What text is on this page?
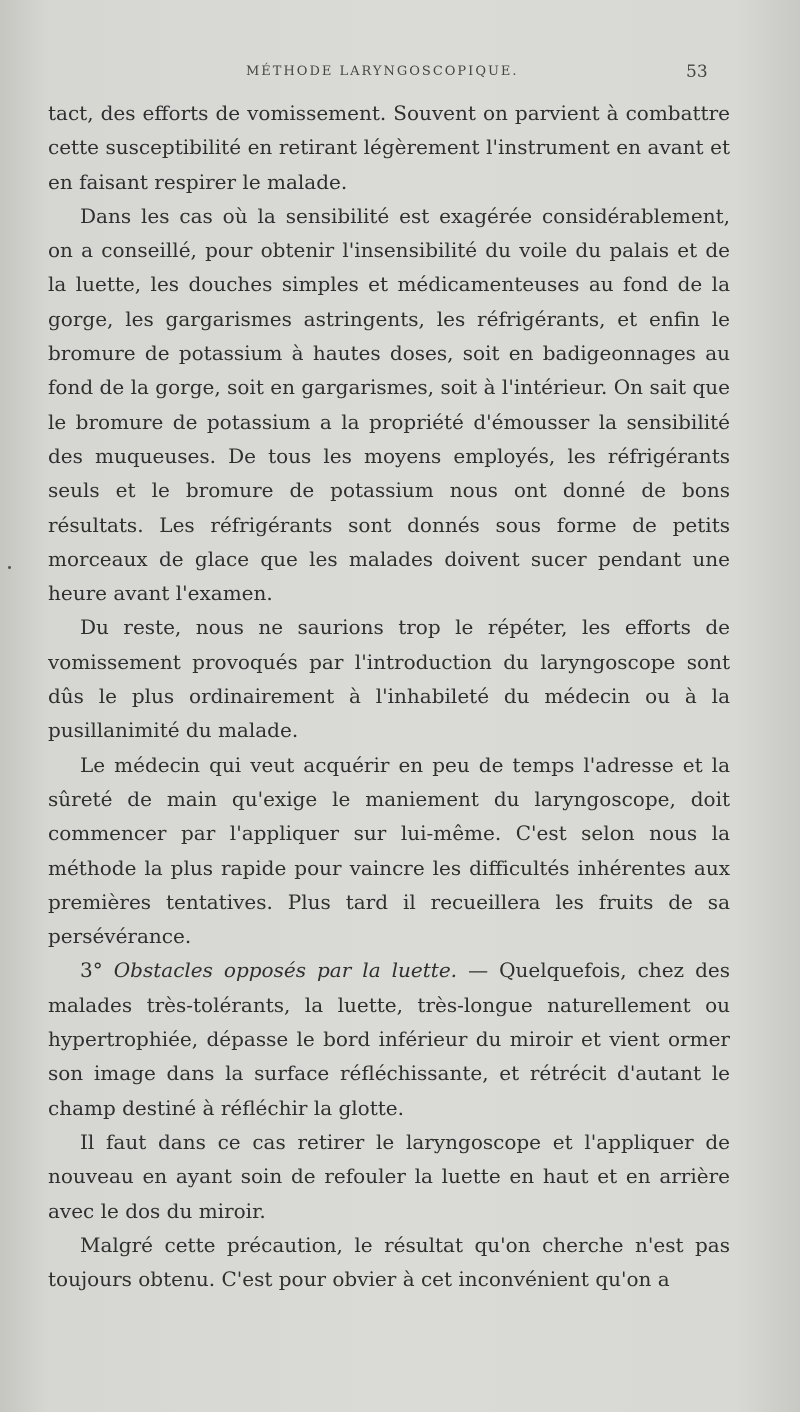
MÉTHODE LARYNGOSCOPIQUE.	53

tact, des efforts de vomissement. Souvent on parvient à combattre cette susceptibilité en retirant légèrement l'instrument en avant et en faisant respirer le malade.

Dans les cas où la sensibilité est exagérée considérablement, on a conseillé, pour obtenir l'insensibilité du voile du palais et de la luette, les douches simples et médicamenteuses au fond de la gorge, les gargarismes astringents, les réfrigérants, et enfin le bromure de potassium à hautes doses, soit en badigeonnages au fond de la gorge, soit en gargarismes, soit à l'intérieur. On sait que le bromure de potassium a la propriété d'émousser la sensibilité des muqueuses. De tous les moyens employés, les réfrigérants seuls et le bromure de potassium nous ont donné de bons résultats. Les réfrigérants sont donnés sous forme de petits morceaux de glace que les malades doivent sucer pendant une heure avant l'examen.

Du reste, nous ne saurions trop le répéter, les efforts de vomissement provoqués par l'introduction du laryngoscope sont dûs le plus ordinairement à l'inhabileté du médecin ou à la pusillanimité du malade.

Le médecin qui veut acquérir en peu de temps l'adresse et la sûreté de main qu'exige le maniement du laryngoscope, doit commencer par l'appliquer sur lui-même. C'est selon nous la méthode la plus rapide pour vaincre les difficultés inhérentes aux premières tentatives. Plus tard il recueillera les fruits de sa persévérance.

3° Obstacles opposés par la luette. — Quelquefois, chez des malades très-tolérants, la luette, très-longue naturellement ou hypertrophiée, dépasse le bord inférieur du miroir et vient ormer son image dans la surface réfléchissante, et rétrécit d'autant le champ destiné à réfléchir la glotte.

Il faut dans ce cas retirer le laryngoscope et l'appliquer de nouveau en ayant soin de refouler la luette en haut et en arrière avec le dos du miroir.

Malgré cette précaution, le résultat qu'on cherche n'est pas toujours obtenu. C'est pour obvier à cet inconvénient qu'on a
